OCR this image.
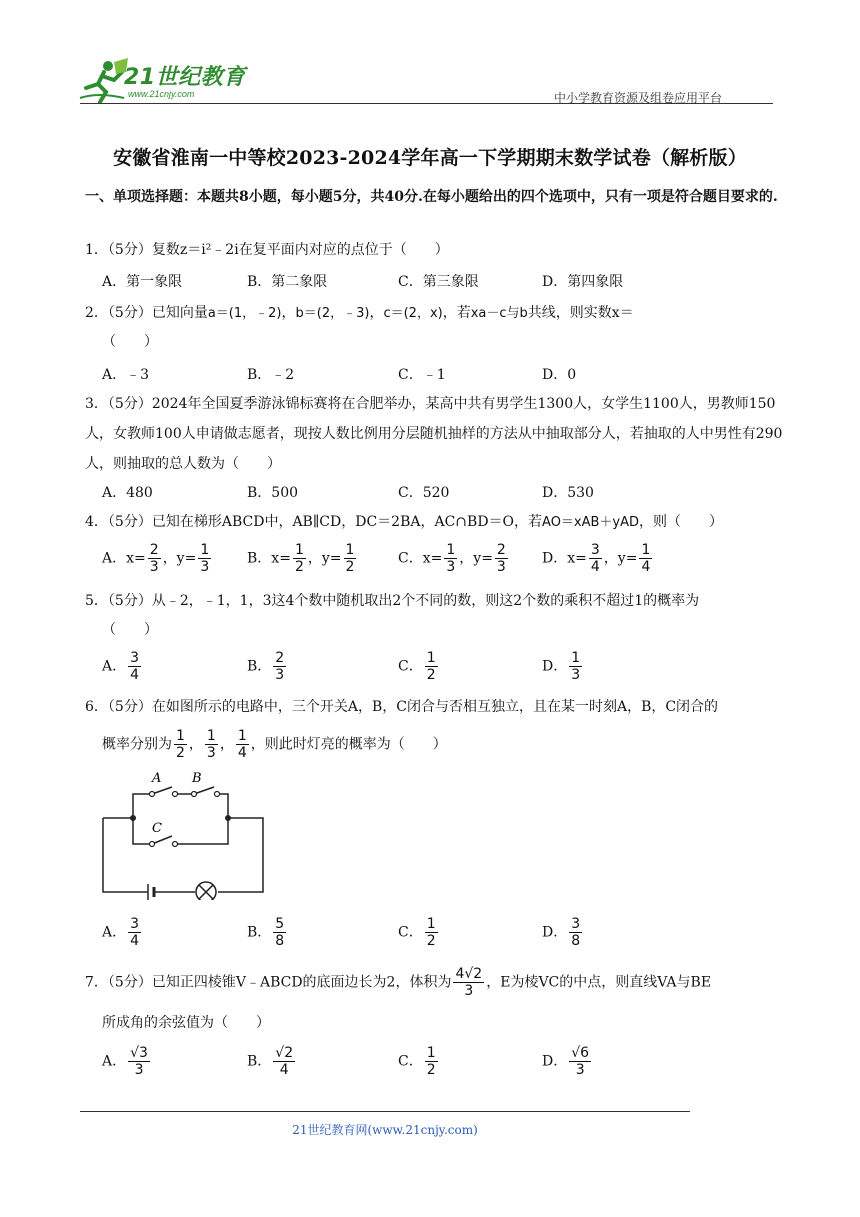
21世纪教育
www.21cnjy.com	中小学教育资源及组卷应用平台
安徽省淮南一中等校2023-2024学年高一下学期期末数学试卷（解析版）
一、单项选择题：本题共8小题，每小题5分，共40分.在每小题给出的四个选项中，只有一项是符合题目要求的.
1．（5分）复数z＝i²﹣2i在复平面内对应的点位于（　　）
A．第一象限	B．第二象限	C．第三象限	D．第四象限
2．（5分）已知向量a＝(1，﹣2)，b＝(2，﹣3)，c＝(2，x)，若xa－c与b共线，则实数x＝
（　　）
A．﹣3	B．﹣2	C．﹣1	D．0
3．（5分）2024年全国夏季游泳锦标赛将在合肥举办，某高中共有男学生1300人，女学生1100人，男教师150人，女教师100人申请做志愿者，现按人数比例用分层随机抽样的方法从中抽取部分人，若抽取的人中男性有290人，则抽取的总人数为（　　）
A．480	B．500	C．520	D．530
4．（5分）已知在梯形ABCD中，AB∥CD，DC＝2BA，AC∩BD＝O，若AO＝xAB＋yAD，则（　　）
A．$x= \frac{2}{3}$ ，$y= \frac{1}{3}$	B．$x= \frac{1}{2}$ ，$y= \frac{1}{2}$	C．$x= \frac{1}{3}$ ，$y= \frac{2}{3}$ D．$x= \frac{3}{4}$ ，$y= \frac{1}{4}$
5．（5分）从﹣2，﹣1，1，3这4个数中随机取出2个不同的数，则这2个数的乘积不超过1的概率为
（　　）
A． $\frac{3}{4}$	B． $\frac{2}{3}$	C． $\frac{1}{2}$	D． $\frac{1}{3}$
6．（5分）在如图所示的电路中，三个开关A，B，C闭合与否相互独立，且在某一时刻A，B，C闭合的
概率分别为 $\frac{1}{2}$ ， $\frac{1}{3}$ ， $\frac{1}{4}$ ，则此时灯亮的概率为（　　）
A B
C
A． $\frac{3}{4}$	B． $\frac{5}{8}$	C． $\frac{1}{2}$	D． $\frac{3}{8}$
7．（5分）已知正四棱锥V﹣ABCD的底面边长为2，体积为 $\frac{4√2}{3}$ ，E为棱VC的中点，则直线VA与BE
所成角的余弦值为（　　）
A． $\frac{√3}{3}$	B． $\frac{√2}{4}$	C． $\frac{1}{2}$	D． $\frac{√6}{3}$
21世纪教育网(www.21cnjy.com)
